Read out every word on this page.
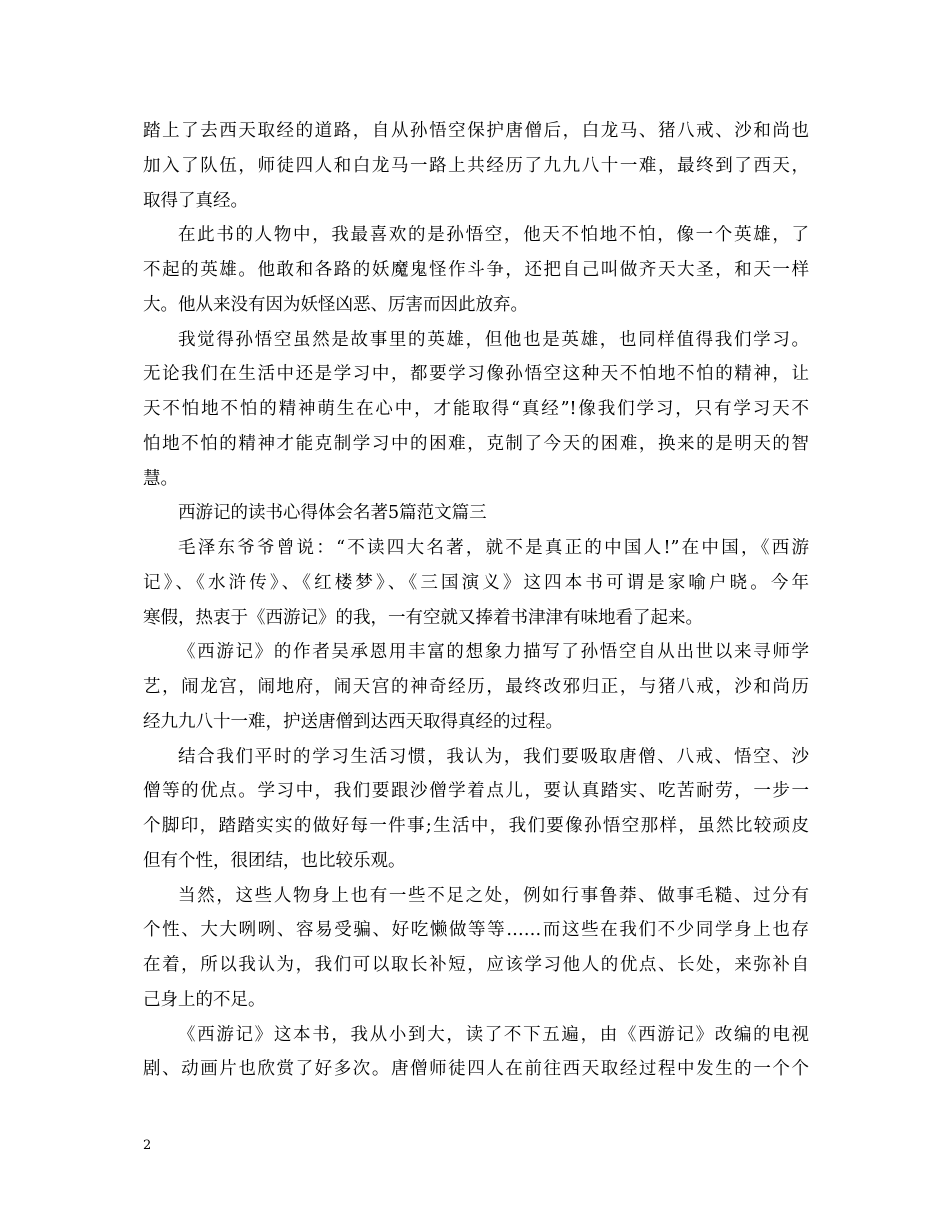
踏上了去西天取经的道路，自从孙悟空保护唐僧后，白龙马、猪八戒、沙和尚也
加入了队伍，师徒四人和白龙马一路上共经历了九九八十一难，最终到了西天，
取得了真经。
在此书的人物中，我最喜欢的是孙悟空，他天不怕地不怕，像一个英雄，了
不起的英雄。他敢和各路的妖魔鬼怪作斗争，还把自己叫做齐天大圣，和天一样
大。他从来没有因为妖怪凶恶、厉害而因此放弃。
我觉得孙悟空虽然是故事里的英雄，但他也是英雄，也同样值得我们学习。
无论我们在生活中还是学习中，都要学习像孙悟空这种天不怕地不怕的精神，让
天不怕地不怕的精神萌生在心中，才能取得“真经”!像我们学习，只有学习天不
怕地不怕的精神才能克制学习中的困难，克制了今天的困难，换来的是明天的智
慧。
西游记的读书心得体会名著5篇范文篇三
毛泽东爷爷曾说：“不读四大名著，就不是真正的中国人!”在中国，《西游
记》、《水浒传》、《红楼梦》、《三国演义》这四本书可谓是家喻户晓。今年
寒假，热衷于《西游记》的我，一有空就又捧着书津津有味地看了起来。
《西游记》的作者吴承恩用丰富的想象力描写了孙悟空自从出世以来寻师学
艺，闹龙宫，闹地府，闹天宫的神奇经历，最终改邪归正，与猪八戒，沙和尚历
经九九八十一难，护送唐僧到达西天取得真经的过程。
结合我们平时的学习生活习惯，我认为，我们要吸取唐僧、八戒、悟空、沙
僧等的优点。学习中，我们要跟沙僧学着点儿，要认真踏实、吃苦耐劳，一步一
个脚印，踏踏实实的做好每一件事;生活中，我们要像孙悟空那样，虽然比较顽皮
但有个性，很团结，也比较乐观。
当然，这些人物身上也有一些不足之处，例如行事鲁莽、做事毛糙、过分有
个性、大大咧咧、容易受骗、好吃懒做等等……而这些在我们不少同学身上也存
在着，所以我认为，我们可以取长补短，应该学习他人的优点、长处，来弥补自
己身上的不足。
《西游记》这本书，我从小到大，读了不下五遍，由《西游记》改编的电视
剧、动画片也欣赏了好多次。唐僧师徒四人在前往西天取经过程中发生的一个个
2
